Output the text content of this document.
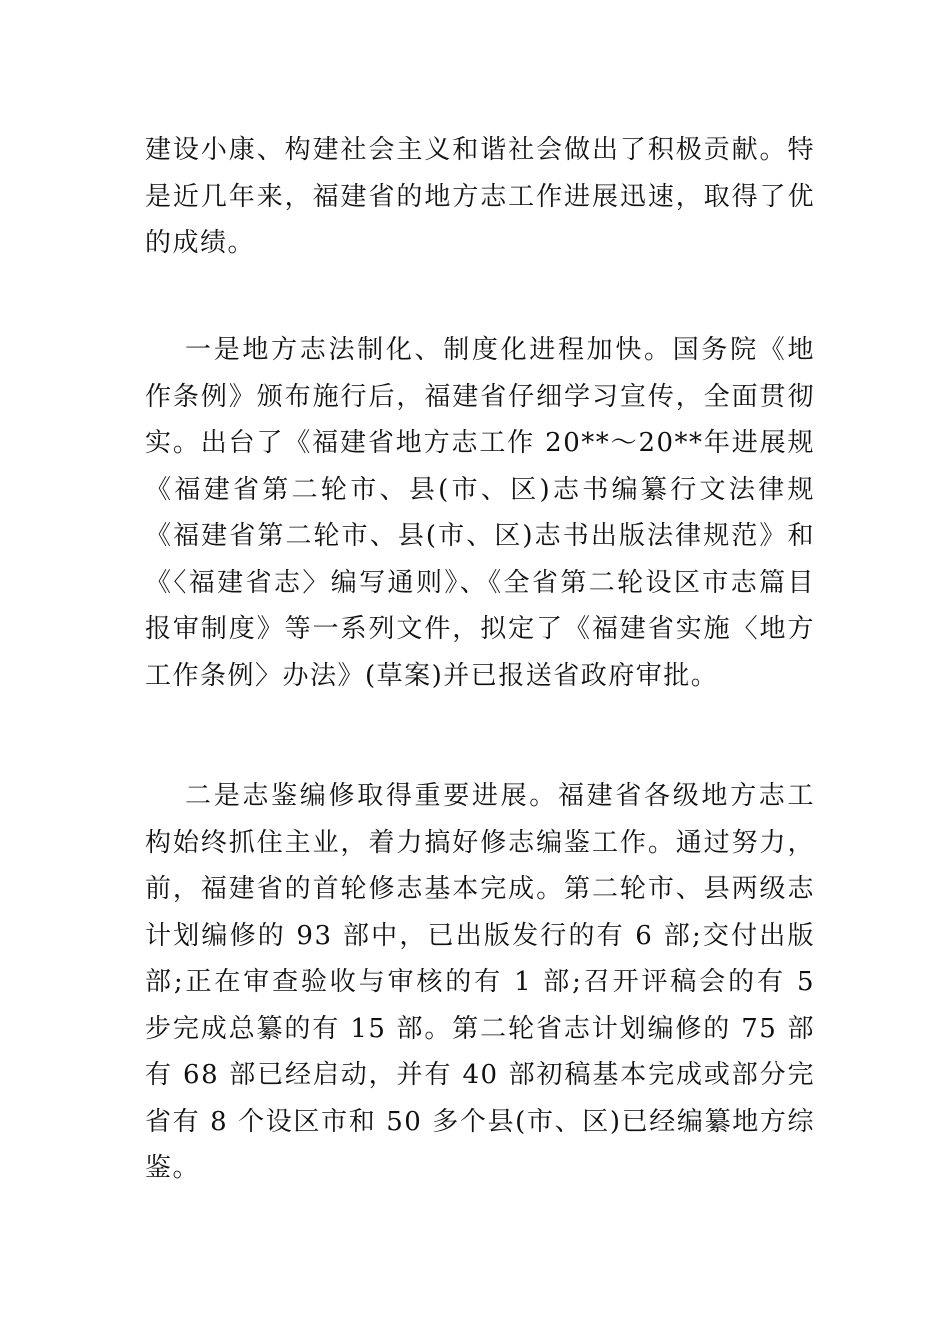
建设小康、构建社会主义和谐社会做出了积极贡献。特
是近几年来，福建省的地方志工作进展迅速，取得了优
的成绩。
一是地方志法制化、制度化进程加快。国务院《地
作条例》颁布施行后，福建省仔细学习宣传，全面贯彻
实。出台了《福建省地方志工作 20**～20**年进展规
《福建省第二轮市、县(市、区)志书编纂行文法律规
《福建省第二轮市、县(市、区)志书出版法律规范》和
《〈福建省志〉编写通则》、《全省第二轮设区市志篇目
报审制度》等一系列文件，拟定了《福建省实施〈地方
工作条例〉办法》(草案)并已报送省政府审批。
二是志鉴编修取得重要进展。福建省各级地方志工
构始终抓住主业，着力搞好修志编鉴工作。通过努力，
前，福建省的首轮修志基本完成。第二轮市、县两级志
计划编修的 93 部中，已出版发行的有 6 部;交付出版
部;正在审查验收与审核的有 1 部;召开评稿会的有 5
步完成总纂的有 15 部。第二轮省志计划编修的 75 部
有 68 部已经启动，并有 40 部初稿基本完成或部分完
省有 8 个设区市和 50 多个县(市、区)已经编纂地方综
鉴。
